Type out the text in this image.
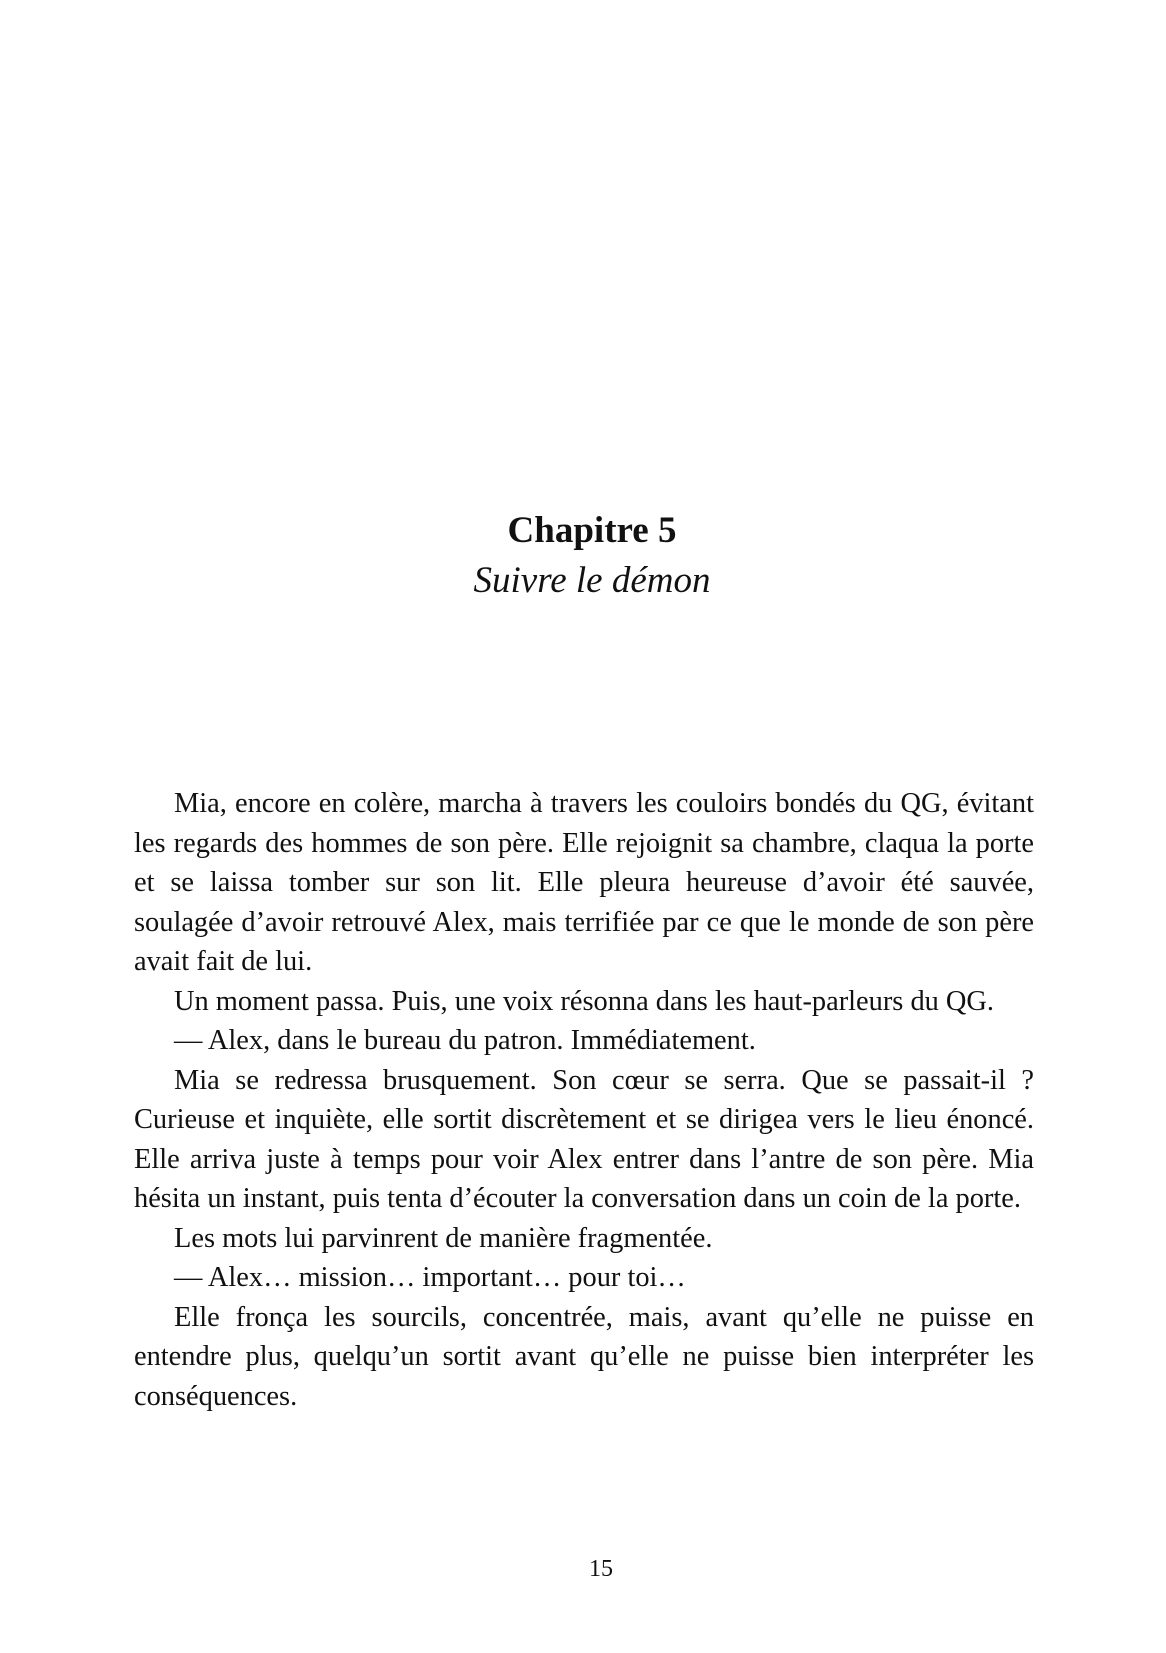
Chapitre 5

Suivre le démon

Mia, encore en colère, marcha à travers les couloirs bondés du QG, évitant les regards des hommes de son père. Elle rejoignit sa chambre, claqua la porte et se laissa tomber sur son lit. Elle pleura heureuse d’avoir été sauvée, soulagée d’avoir retrouvé Alex, mais terrifiée par ce que le monde de son père avait fait de lui.

Un moment passa. Puis, une voix résonna dans les haut-parleurs du QG.

— Alex, dans le bureau du patron. Immédiatement.

Mia se redressa brusquement. Son cœur se serra. Que se passait-il ? Curieuse et inquiète, elle sortit discrètement et se dirigea vers le lieu énoncé. Elle arriva juste à temps pour voir Alex entrer dans l’antre de son père. Mia hésita un instant, puis tenta d’écouter la conversation dans un coin de la porte.

Les mots lui parvinrent de manière fragmentée.

— Alex… mission… important… pour toi…

Elle fronça les sourcils, concentrée, mais, avant qu’elle ne puisse en entendre plus, quelqu’un sortit avant qu’elle ne puisse bien interpréter les conséquences.

15
